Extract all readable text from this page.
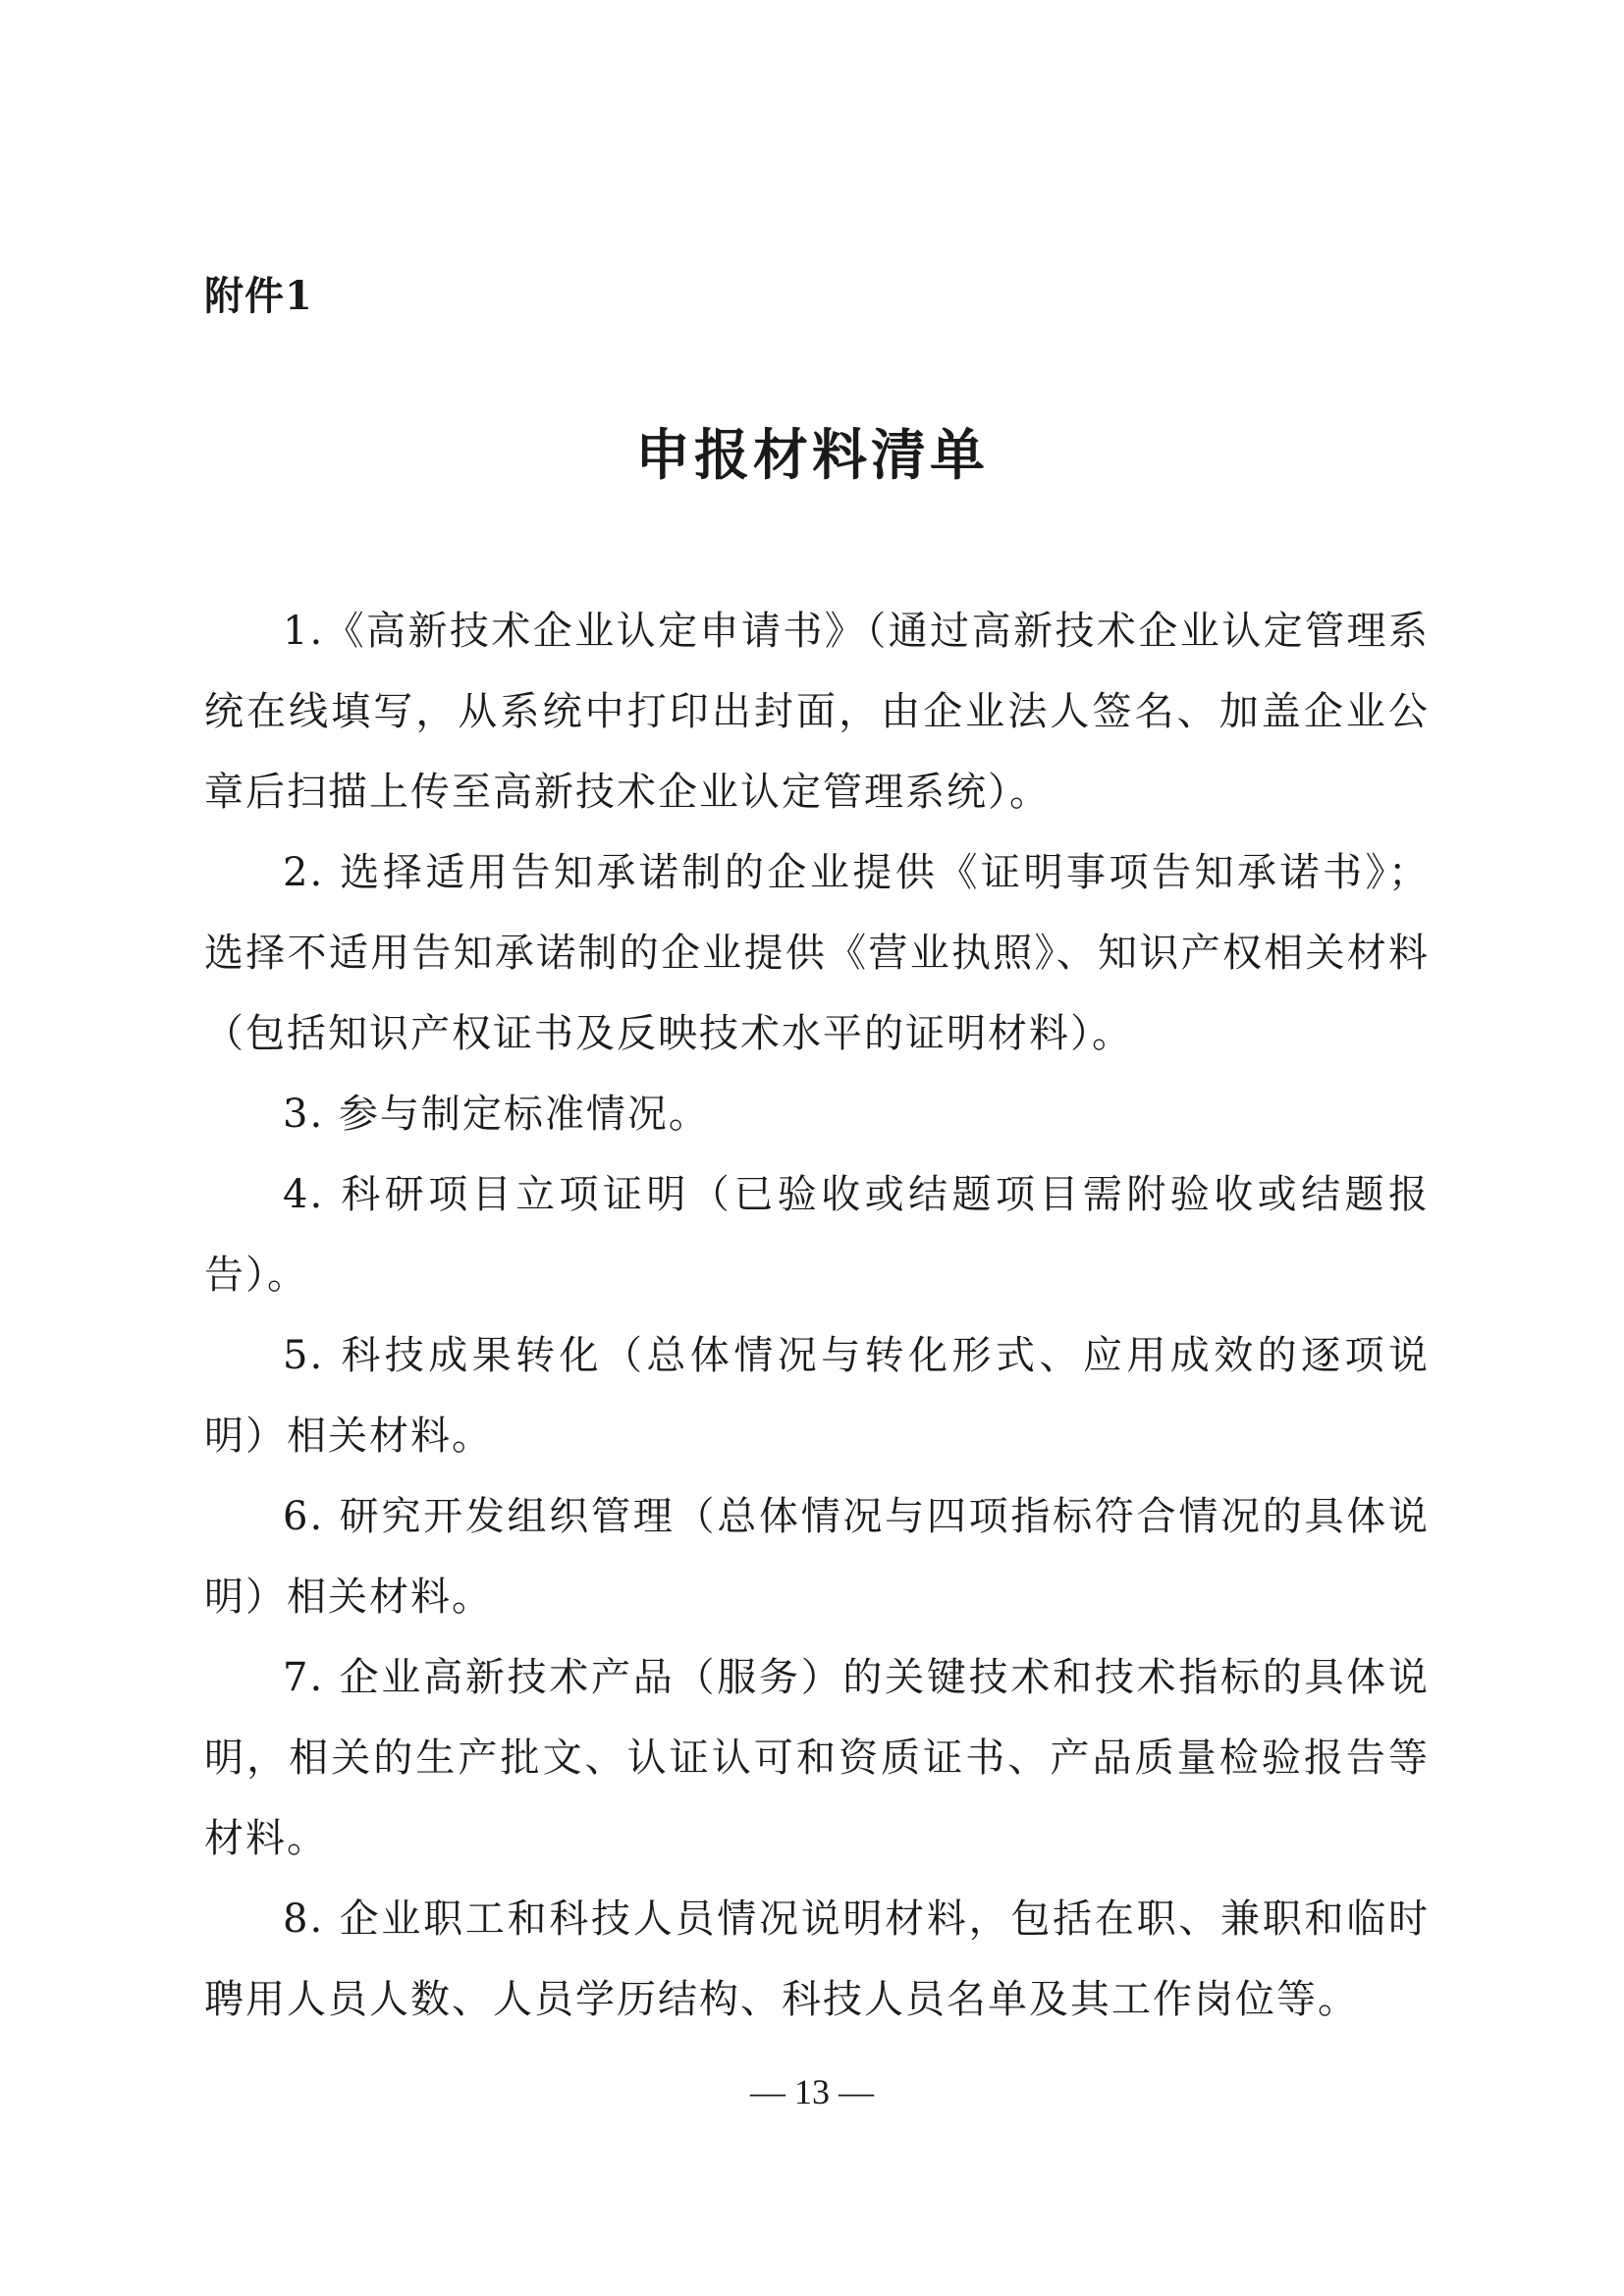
附件1
申报材料清单

1.《高新技术企业认定申请书》（通过高新技术企业认定管理系统在线填写，从系统中打印出封面，由企业法人签名、加盖企业公章后扫描上传至高新技术企业认定管理系统）。

2. 选择适用告知承诺制的企业提供《证明事项告知承诺书》；选择不适用告知承诺制的企业提供《营业执照》、知识产权相关材料（包括知识产权证书及反映技术水平的证明材料）。

3. 参与制定标准情况。

4. 科研项目立项证明（已验收或结题项目需附验收或结题报告）。

5. 科技成果转化（总体情况与转化形式、应用成效的逐项说明）相关材料。

6. 研究开发组织管理（总体情况与四项指标符合情况的具体说明）相关材料。

7. 企业高新技术产品（服务）的关键技术和技术指标的具体说明，相关的生产批文、认证认可和资质证书、产品质量检验报告等材料。

8. 企业职工和科技人员情况说明材料，包括在职、兼职和临时聘用人员人数、人员学历结构、科技人员名单及其工作岗位等。

— 13 —
